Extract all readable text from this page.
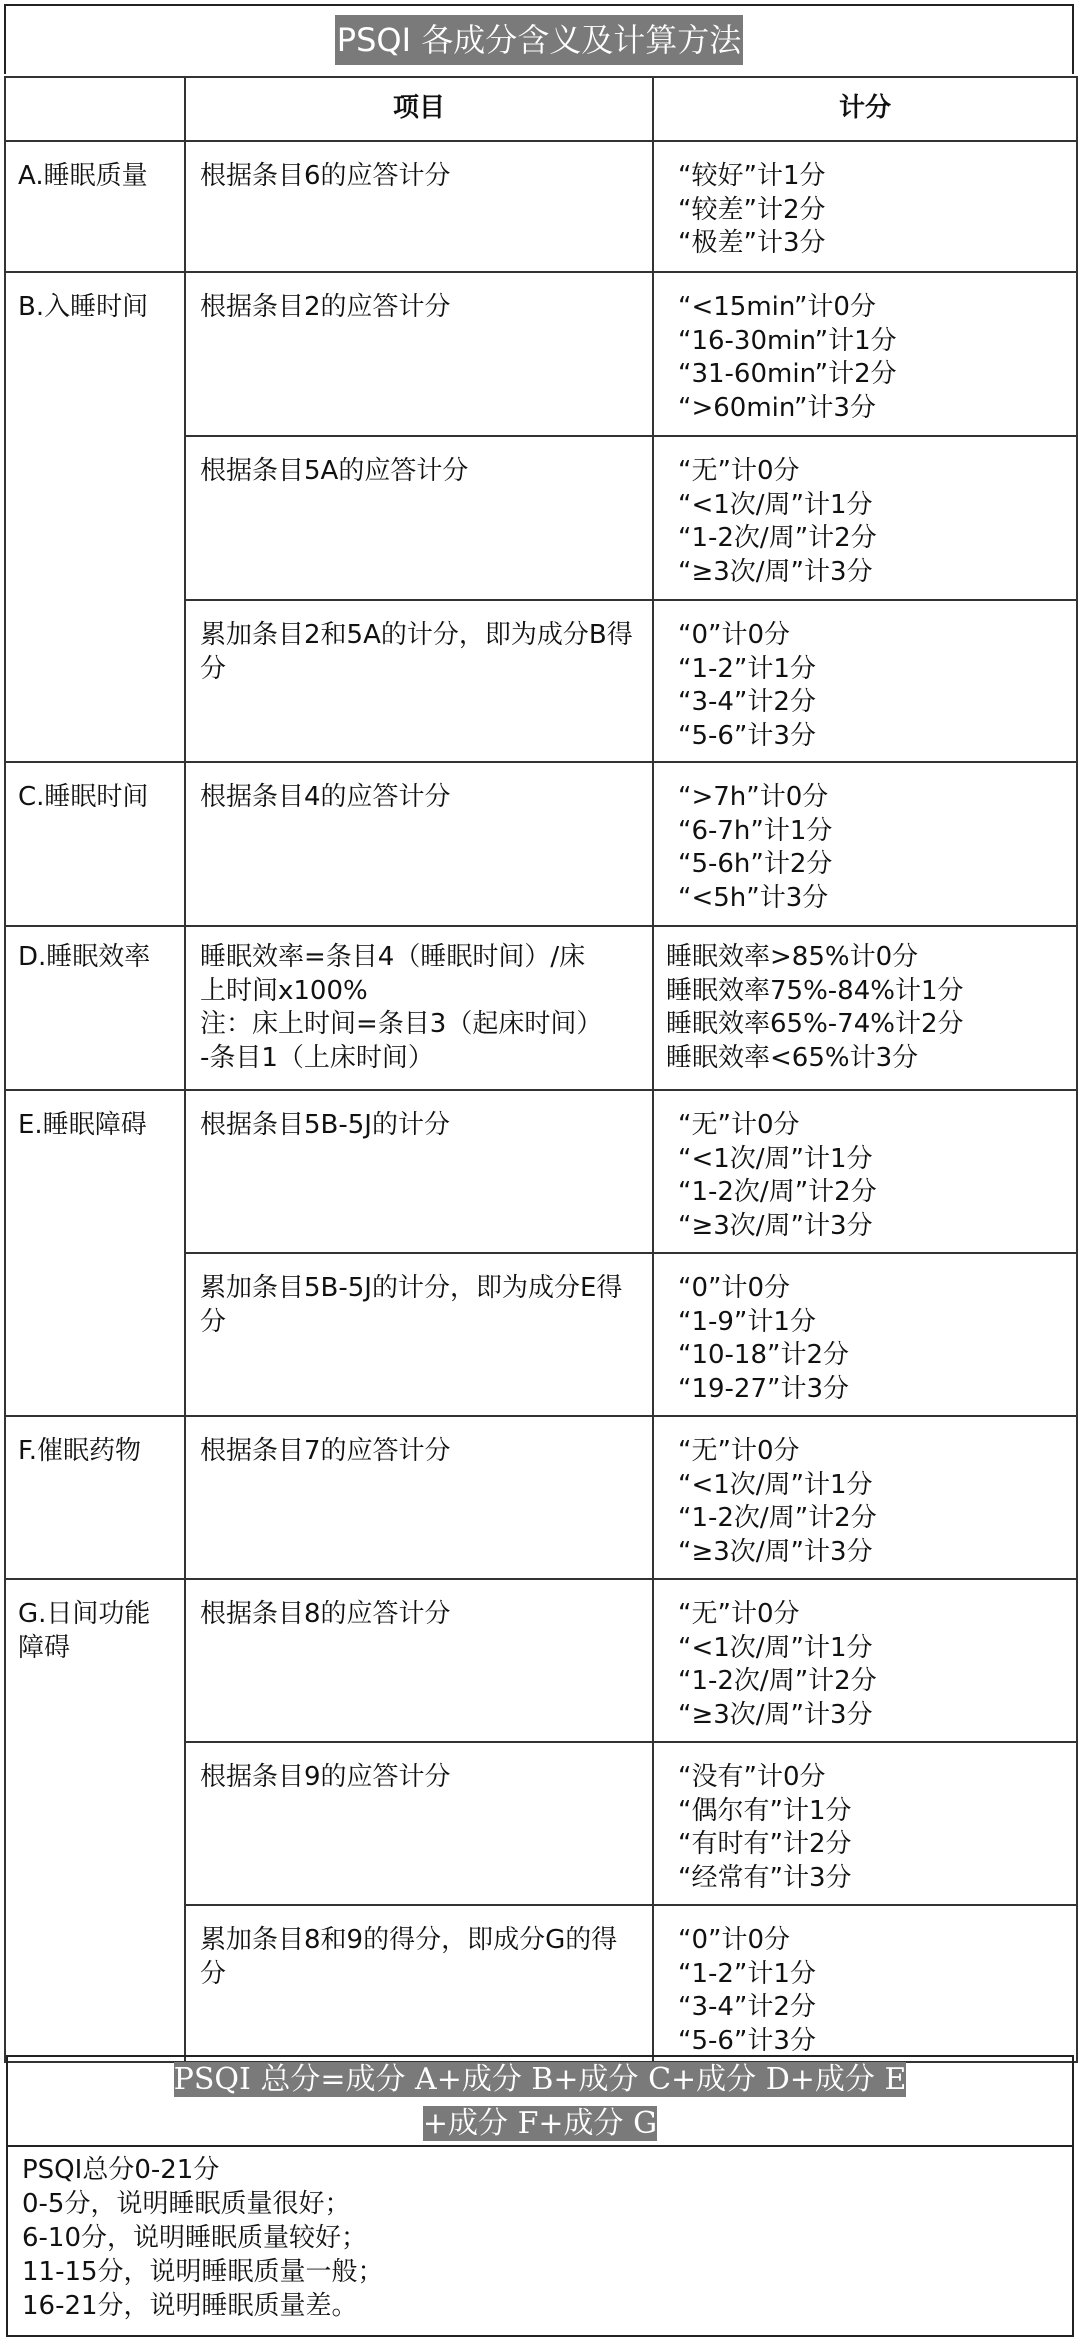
PSQI 各成分含义及计算方法
	项目	计分
A.睡眠质量	根据条目6的应答计分	“较好”计1分
“较差”计2分
“极差”计3分

B.入睡时间	根据条目2的应答计分	“<15min”计0分
“16-30min”计1分
“31-60min”计2分
“>60min”计3分

	根据条目5A的应答计分	“无”计0分
“<1次/周”计1分
“1-2次/周”计2分
“≥3次/周”计3分

	累加条目2和5A的计分，即为成分B得分	“0”计0分
“1-2”计1分
“3-4”计2分
“5-6”计3分

C.睡眠时间	根据条目4的应答计分	“>7h”计0分
“6-7h”计1分
“5-6h”计2分
“<5h”计3分

D.睡眠效率	睡眠效率=条目4（睡眠时间）/床
上时间x100%
注：床上时间=条目3（起床时间）
-条目1（上床时间）	睡眠效率>85%计0分
睡眠效率75%-84%计1分
睡眠效率65%-74%计2分
睡眠效率<65%计3分

E.睡眠障碍	根据条目5B-5J的计分	“无”计0分
“<1次/周”计1分
“1-2次/周”计2分
“≥3次/周”计3分

	累加条目5B-5J的计分，即为成分E得分	“0”计0分
“1-9”计1分
“10-18”计2分
“19-27”计3分

F.催眠药物	根据条目7的应答计分	“无”计0分
“<1次/周”计1分
“1-2次/周”计2分
“≥3次/周”计3分

G.日间功能障碍	根据条目8的应答计分	“无”计0分
“<1次/周”计1分
“1-2次/周”计2分
“≥3次/周”计3分

	根据条目9的应答计分	“没有”计0分
“偶尔有”计1分
“有时有”计2分
“经常有”计3分

	累加条目8和9的得分，即成分G的得分	“0”计0分
“1-2”计1分
“3-4”计2分
“5-6”计3分
PSQI 总分=成分 A+成分 B+成分 C+成分 D+成分 E
+成分 F+成分 G
PSQI总分0-21分
0-5分，说明睡眠质量很好；
6-10分，说明睡眠质量较好；
11-15分，说明睡眠质量一般；
16-21分，说明睡眠质量差。
